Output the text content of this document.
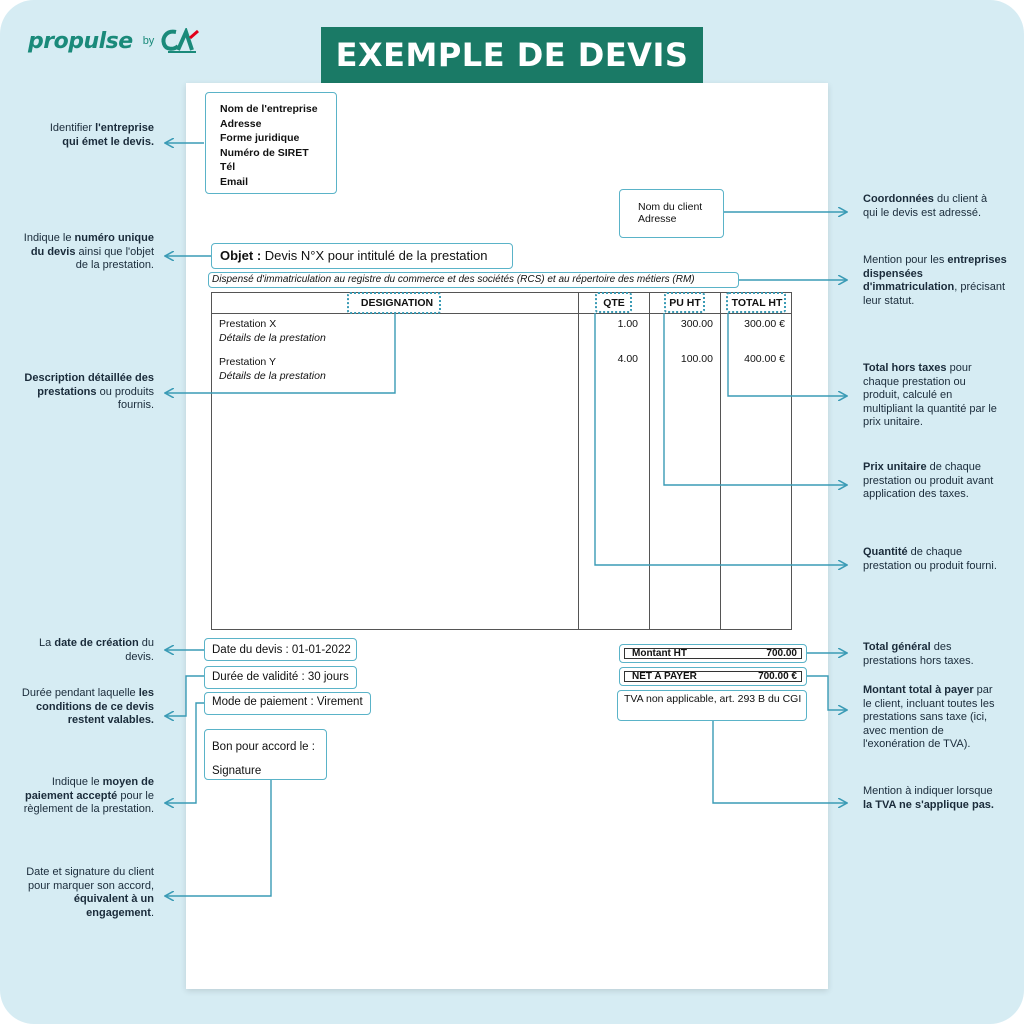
propulse by	EXEMPLE DE DEVIS
Nom de l'entreprise
Adresse
Forme juridique
Numéro de SIRET
Tél
Email
Nom du client
Adresse
Objet : Devis N°X pour intitulé de la prestation
Dispensé d'immatriculation au registre du commerce et des sociétés (RCS) et au répertoire des métiers (RM)
DESIGNATION	QTE	PU HT	TOTAL HT
Prestation X
Détails de la prestation
1.00	300.00	300.00 €
Prestation Y
Détails de la prestation
4.00	100.00	400.00 €
Date du devis : 01-01-2022
Durée de validité : 30 jours
Mode de paiement : Virement
Bon pour accord le :
Signature
Montant HT	700.00
NET A PAYER	700.00 €
TVA non applicable, art. 293 B du CGI
Identifier l'entreprise
qui émet le devis.
Indique le numéro unique du devis ainsi que l'objet de la prestation.
Description détaillée des prestations ou produits fournis.
La date de création du devis.
Durée pendant laquelle les conditions de ce devis restent valables.
Indique le moyen de paiement accepté pour le règlement de la prestation.
Date et signature du client pour marquer son accord, équivalent à un engagement.
Coordonnées du client à qui le devis est adressé.
Mention pour les entreprises dispensées d'immatriculation, précisant leur statut.
Total hors taxes pour chaque prestation ou produit, calculé en multipliant la quantité par le prix unitaire.
Prix unitaire de chaque prestation ou produit avant application des taxes.
Quantité de chaque prestation ou produit fourni.
Total général des prestations hors taxes.
Montant total à payer par le client, incluant toutes les prestations sans taxe (ici, avec mention de l'exonération de TVA).
Mention à indiquer lorsque la TVA ne s'applique pas.
